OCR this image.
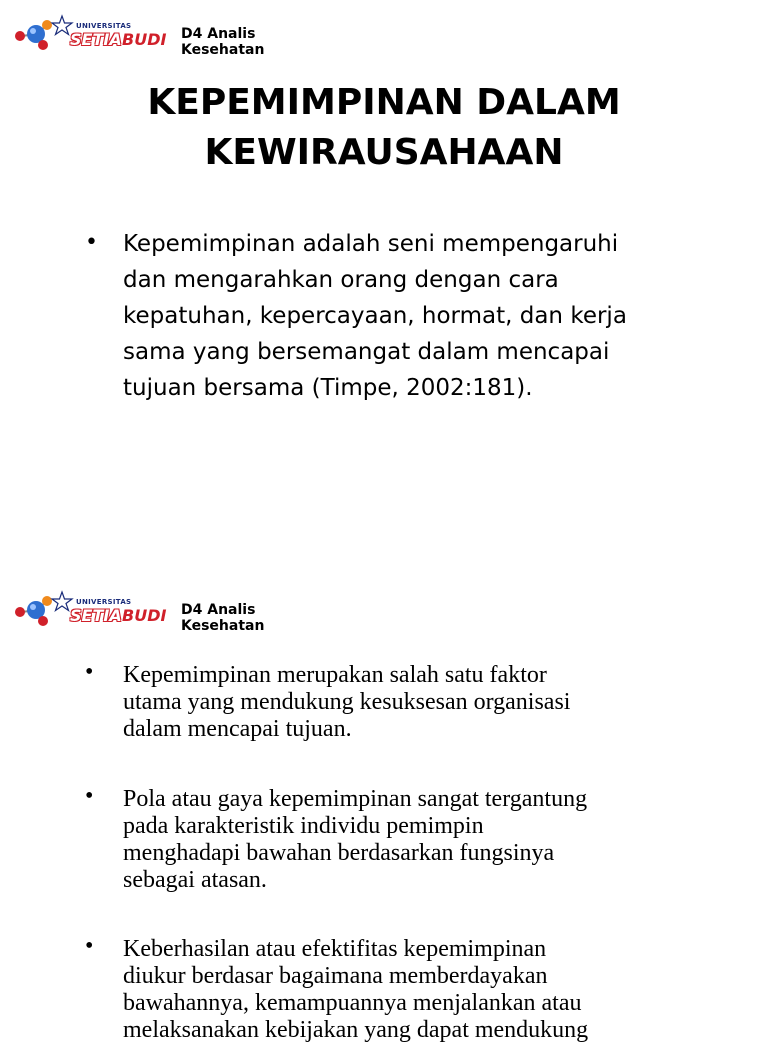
UNIVERSITAS
SETIA BUDI D4 Analis Kesehatan
KEPEMIMPINAN DALAM
KEWIRAUSAHAAN
• Kepemimpinan adalah seni mempengaruhi
dan mengarahkan orang dengan cara
kepatuhan, kepercayaan, hormat, dan kerja
sama yang bersemangat dalam mencapai
tujuan bersama (Timpe, 2002:181).
UNIVERSITAS
SETIA BUDI D4 Analis Kesehatan
• Kepemimpinan merupakan salah satu faktor
utama yang mendukung kesuksesan organisasi
dalam mencapai tujuan.
• Pola atau gaya kepemimpinan sangat tergantung
pada karakteristik individu pemimpin
menghadapi bawahan berdasarkan fungsinya
sebagai atasan.
• Keberhasilan atau efektifitas kepemimpinan
diukur berdasar bagaimana memberdayakan
bawahannya, kemampuannya menjalankan atau
melaksanakan kebijakan yang dapat mendukung
